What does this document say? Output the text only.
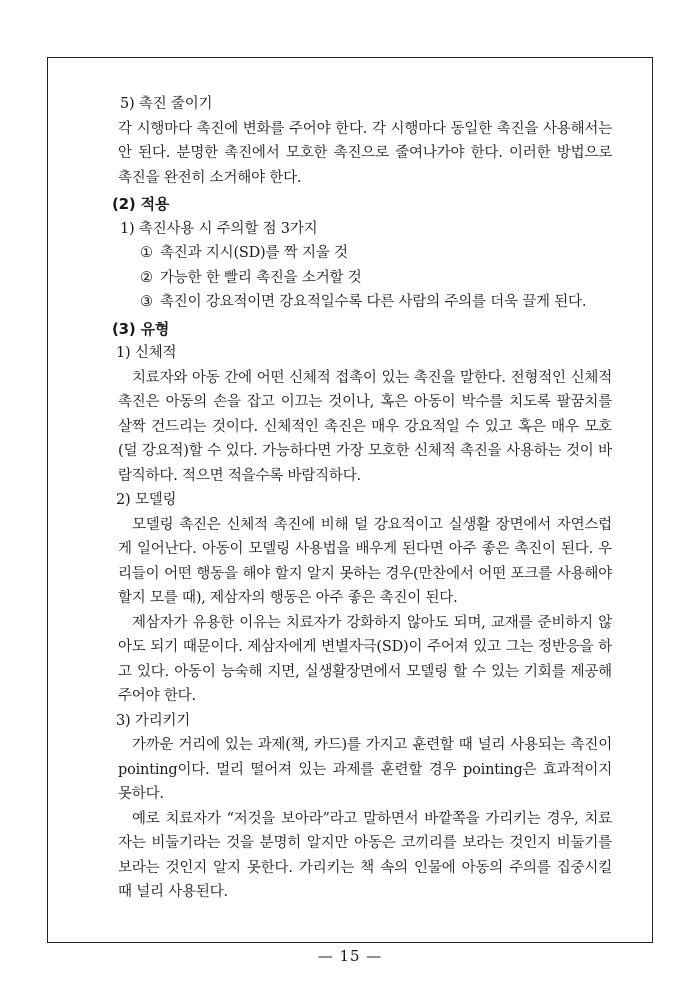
5) 촉진 줄이기
각 시행마다 촉진에 변화를 주어야 한다. 각 시행마다 동일한 촉진을 사용해서는 안 된다. 분명한 촉진에서 모호한 촉진으로 줄여나가야 한다. 이러한 방법으로 촉진을 완전히 소거해야 한다.
(2) 적용
1) 촉진사용 시 주의할 점 3가지
① 촉진과 지시(SD)를 짝 지울 것
② 가능한 한 빨리 촉진을 소거할 것
③ 촉진이 강요적이면 강요적일수록 다른 사람의 주의를 더욱 끌게 된다.
(3) 유형
1) 신체적
치료자와 아동 간에 어떤 신체적 접촉이 있는 촉진을 말한다. 전형적인 신체적 촉진은 아동의 손을 잡고 이끄는 것이나, 혹은 아동이 박수를 치도록 팔꿈치를 살짝 건드리는 것이다. 신체적인 촉진은 매우 강요적일 수 있고 혹은 매우 모호(덜 강요적)할 수 있다. 가능하다면 가장 모호한 신체적 촉진을 사용하는 것이 바람직하다. 적으면 적을수록 바람직하다.
2) 모델링
모델링 촉진은 신체적 촉진에 비해 덜 강요적이고 실생활 장면에서 자연스럽게 일어난다. 아동이 모델링 사용법을 배우게 된다면 아주 좋은 촉진이 된다. 우리들이 어떤 행동을 해야 할지 알지 못하는 경우(만찬에서 어떤 포크를 사용해야 할지 모를 때), 제삼자의 행동은 아주 좋은 촉진이 된다.
제삼자가 유용한 이유는 치료자가 강화하지 않아도 되며, 교재를 준비하지 않아도 되기 때문이다. 제삼자에게 변별자극(SD)이 주어져 있고 그는 정반응을 하고 있다. 아동이 능숙해 지면, 실생활장면에서 모델링 할 수 있는 기회를 제공해 주어야 한다.
3) 가리키기
가까운 거리에 있는 과제(책, 카드)를 가지고 훈련할 때 널리 사용되는 촉진이 pointing이다. 멀리 떨어져 있는 과제를 훈련할 경우 pointing은 효과적이지 못하다.
예로 치료자가 “저것을 보아라”라고 말하면서 바깥쪽을 가리키는 경우, 치료자는 비둘기라는 것을 분명히 알지만 아동은 코끼리를 보라는 것인지 비둘기를 보라는 것인지 알지 못한다. 가리키는 책 속의 인물에 아동의 주의를 집중시킬 때 널리 사용된다.
— 15 —
